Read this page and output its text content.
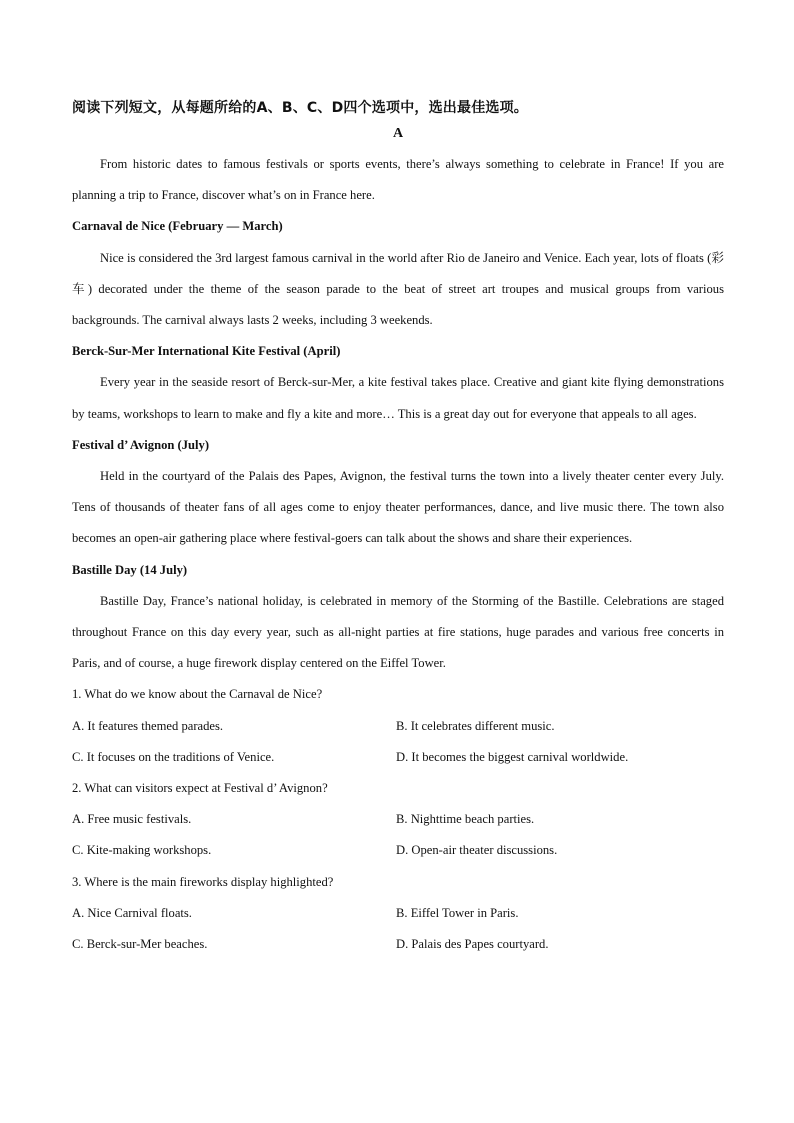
阅读下列短文，从每题所给的A、B、C、D四个选项中，选出最佳选项。

A

From historic dates to famous festivals or sports events, there’s always something to celebrate in France! If you are planning a trip to France, discover what’s on in France here.

Carnaval de Nice (February — March)

Nice is considered the 3rd largest famous carnival in the world after Rio de Janeiro and Venice. Each year, lots of floats (彩车) decorated under the theme of the season parade to the beat of street art troupes and musical groups from various backgrounds. The carnival always lasts 2 weeks, including 3 weekends.

Berck-Sur-Mer International Kite Festival (April)

Every year in the seaside resort of Berck-sur-Mer, a kite festival takes place. Creative and giant kite flying demonstrations by teams, workshops to learn to make and fly a kite and more… This is a great day out for everyone that appeals to all ages.

Festival d’ Avignon (July)

Held in the courtyard of the Palais des Papes, Avignon, the festival turns the town into a lively theater center every July. Tens of thousands of theater fans of all ages come to enjoy theater performances, dance, and live music there. The town also becomes an open-air gathering place where festival-goers can talk about the shows and share their experiences.

Bastille Day (14 July)

Bastille Day, France’s national holiday, is celebrated in memory of the Storming of the Bastille. Celebrations are staged throughout France on this day every year, such as all-night parties at fire stations, huge parades and various free concerts in Paris, and of course, a huge firework display centered on the Eiffel Tower.

1. What do we know about the Carnaval de Nice?

A. It features themed parades.	B. It celebrates different music.
C. It focuses on the traditions of Venice.	D. It becomes the biggest carnival worldwide.

2. What can visitors expect at Festival d’ Avignon?

A. Free music festivals.	B. Nighttime beach parties.
C. Kite-making workshops.	D. Open-air theater discussions.

3. Where is the main fireworks display highlighted?

A. Nice Carnival floats.	B. Eiffel Tower in Paris.
C. Berck-sur-Mer beaches.	D. Palais des Papes courtyard.
